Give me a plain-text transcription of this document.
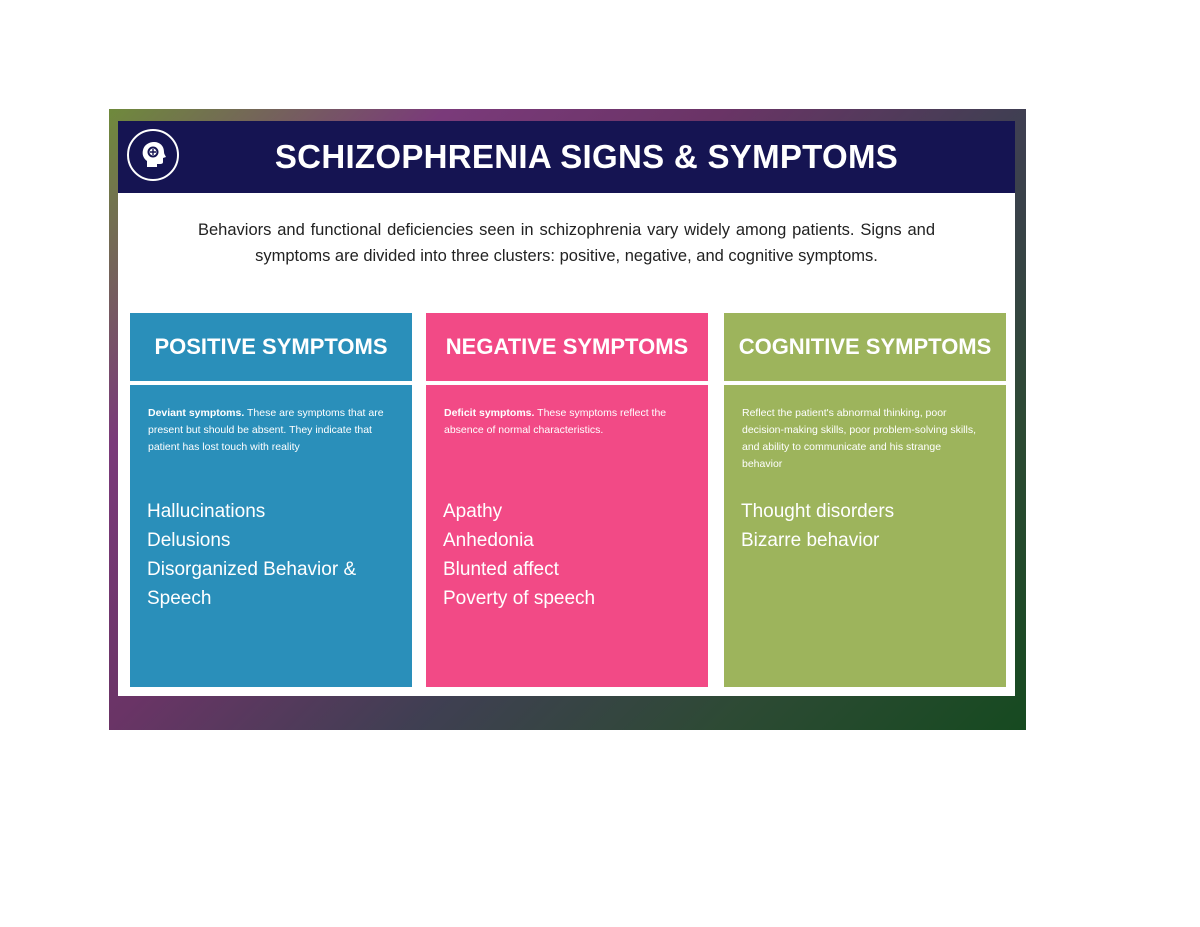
SCHIZOPHRENIA SIGNS & SYMPTOMS
Behaviors and functional deficiencies seen in schizophrenia vary widely among patients. Signs and symptoms are divided into three clusters: positive, negative, and cognitive symptoms.
POSITIVE SYMPTOMS
Deviant symptoms. These are symptoms that are present but should be absent. They indicate that patient has lost touch with reality
Hallucinations
Delusions
Disorganized Behavior &
Speech
NEGATIVE SYMPTOMS
Deficit symptoms. These symptoms reflect the absence of normal characteristics.
Apathy
Anhedonia
Blunted affect
Poverty of speech
COGNITIVE SYMPTOMS
Reflect the patient's abnormal thinking, poor decision-making skills, poor problem-solving skills, and ability to communicate and his strange behavior
Thought disorders
Bizarre behavior
